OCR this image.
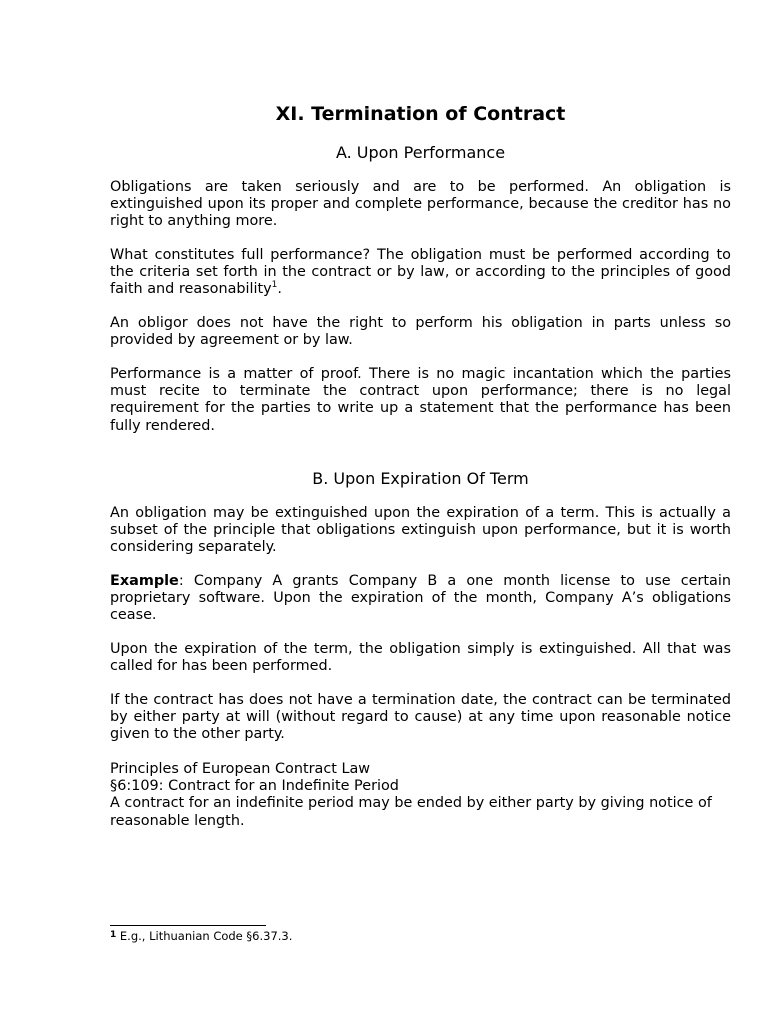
XI. Termination of Contract
A. Upon Performance

Obligations are taken seriously and are to be performed. An obligation is extinguished upon its proper and complete performance, because the creditor has no right to anything more.

What constitutes full performance? The obligation must be performed according to the criteria set forth in the contract or by law, or according to the principles of good faith and reasonability$^1$.

An obligor does not have the right to perform his obligation in parts unless so provided by agreement or by law.

Performance is a matter of proof. There is no magic incantation which the parties must recite to terminate the contract upon performance; there is no legal requirement for the parties to write up a statement that the performance has been fully rendered.

B. Upon Expiration Of Term

An obligation may be extinguished upon the expiration of a term. This is actually a subset of the principle that obligations extinguish upon performance, but it is worth considering separately.

Example: Company A grants Company B a one month license to use certain proprietary software. Upon the expiration of the month, Company A’s obligations cease.

Upon the expiration of the term, the obligation simply is extinguished. All that was called for has been performed.

If the contract has does not have a termination date, the contract can be terminated by either party at will (without regard to cause) at any time upon reasonable notice given to the other party.

Principles of European Contract Law
§6:109: Contract for an Indefinite Period
A contract for an indefinite period may be ended by either party by giving notice of reasonable length.

$^1$ E.g., Lithuanian Code §6.37.3.
